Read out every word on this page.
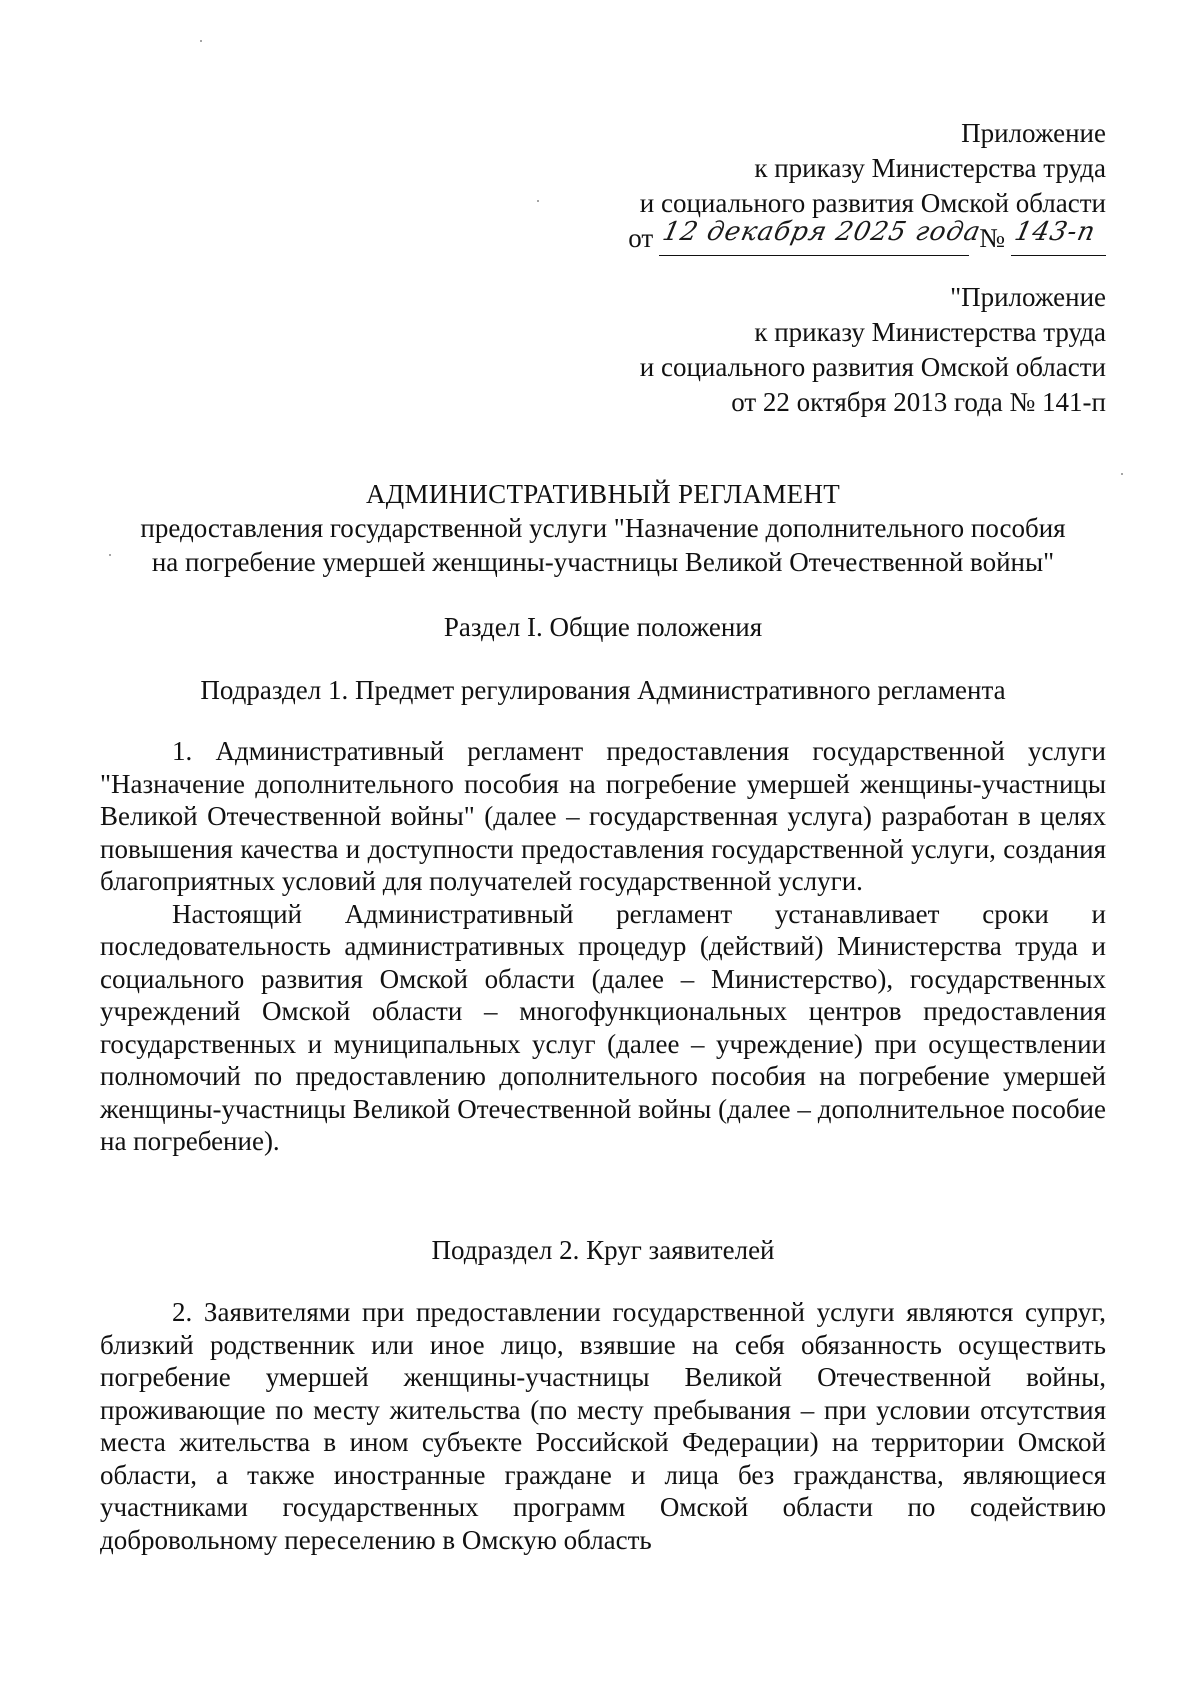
Приложение
к приказу Министерства труда
и социального развития Омской области
от 12 декабря 2025 года
№ 143-п
"Приложение
к приказу Министерства труда
и социального развития Омской области
от 22 октября 2013 года № 141-п
АДМИНИСТРАТИВНЫЙ РЕГЛАМЕНТ
предоставления государственной услуги "Назначение дополнительного пособия
на погребение умершей женщины-участницы Великой Отечественной войны"
Раздел I. Общие положения
Подраздел 1. Предмет регулирования Административного регламента

1. Административный регламент предоставления государственной услуги "Назначение дополнительного пособия на погребение умершей женщины-участницы Великой Отечественной войны" (далее – государственная услуга) разработан в целях повышения качества и доступности предоставления государственной услуги, создания благоприятных условий для получателей государственной услуги.

Настоящий Административный регламент устанавливает сроки и последовательность административных процедур (действий) Министерства труда и социального развития Омской области (далее – Министерство), государственных учреждений Омской области – многофункциональных центров предоставления государственных и муниципальных услуг (далее – учреждение) при осуществлении полномочий по предоставлению дополнительного пособия на погребение умершей женщины-участницы Великой Отечественной войны (далее – дополнительное пособие на погребение).

Подраздел 2. Круг заявителей

2. Заявителями при предоставлении государственной услуги являются супруг, близкий родственник или иное лицо, взявшие на себя обязанность осуществить погребение умершей женщины-участницы Великой Отечественной войны, проживающие по месту жительства (по месту пребывания – при условии отсутствия места жительства в ином субъекте Российской Федерации) на территории Омской области, а также иностранные граждане и лица без гражданства, являющиеся участниками государственных программ Омской области по содействию добровольному переселению в Омскую область
